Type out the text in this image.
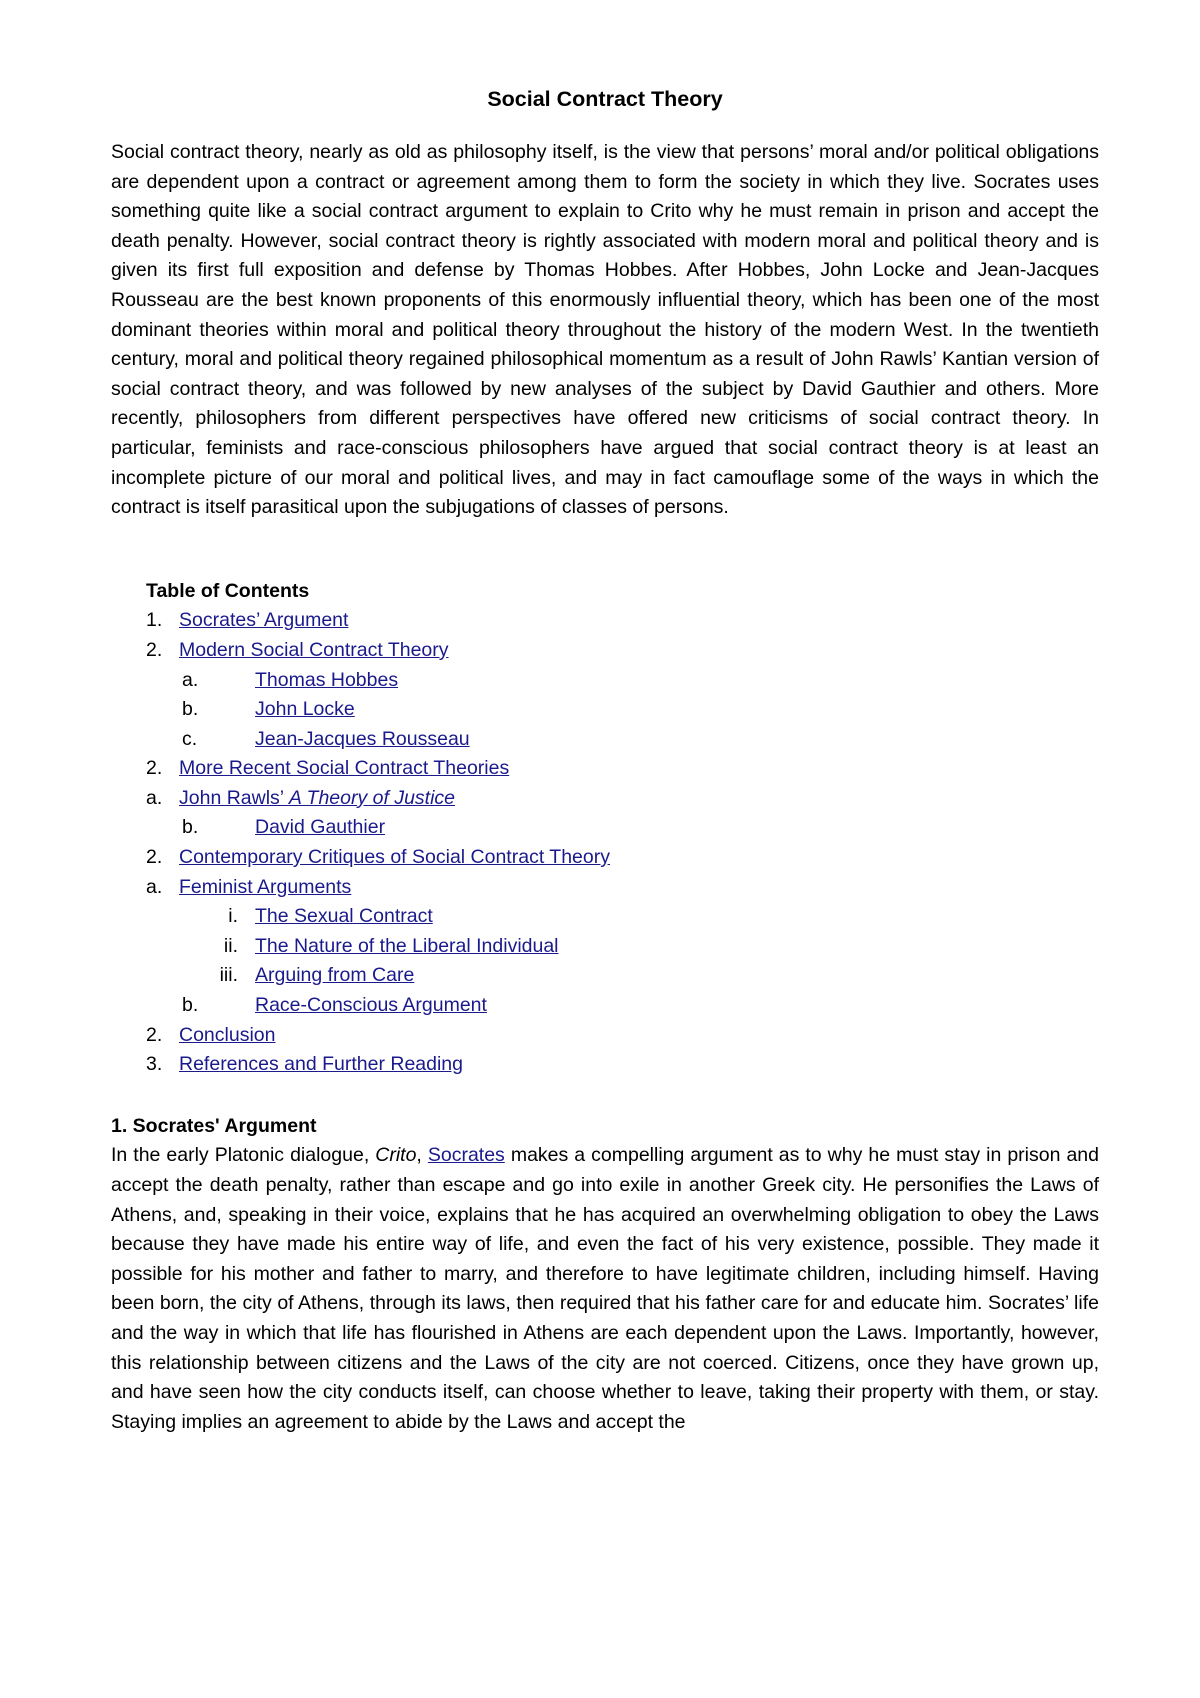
Social Contract Theory

Social contract theory, nearly as old as philosophy itself, is the view that persons’ moral and/or political obligations are dependent upon a contract or agreement among them to form the society in which they live. Socrates uses something quite like a social contract argument to explain to Crito why he must remain in prison and accept the death penalty. However, social contract theory is rightly associated with modern moral and political theory and is given its first full exposition and defense by Thomas Hobbes. After Hobbes, John Locke and Jean-Jacques Rousseau are the best known proponents of this enormously influential theory, which has been one of the most dominant theories within moral and political theory throughout the history of the modern West. In the twentieth century, moral and political theory regained philosophical momentum as a result of John Rawls’ Kantian version of social contract theory, and was followed by new analyses of the subject by David Gauthier and others. More recently, philosophers from different perspectives have offered new criticisms of social contract theory. In particular, feminists and race-conscious philosophers have argued that social contract theory is at least an incomplete picture of our moral and political lives, and may in fact camouflage some of the ways in which the contract is itself parasitical upon the subjugations of classes of persons.

Table of Contents

1. Socrates’ Argument
2. Modern Social Contract Theory
a.	Thomas Hobbes
b.	John Locke
c.	Jean-Jacques Rousseau
2. More Recent Social Contract Theories
a. John Rawls’ A Theory of Justice
b.	David Gauthier
2. Contemporary Critiques of Social Contract Theory
a. Feminist Arguments
i. The Sexual Contract
ii. The Nature of the Liberal Individual
iii. Arguing from Care
b.	Race-Conscious Argument
2. Conclusion
3. References and Further Reading

1. Socrates' Argument

In the early Platonic dialogue, Crito, Socrates makes a compelling argument as to why he must stay in prison and accept the death penalty, rather than escape and go into exile in another Greek city. He personifies the Laws of Athens, and, speaking in their voice, explains that he has acquired an overwhelming obligation to obey the Laws because they have made his entire way of life, and even the fact of his very existence, possible. They made it possible for his mother and father to marry, and therefore to have legitimate children, including himself. Having been born, the city of Athens, through its laws, then required that his father care for and educate him. Socrates’ life and the way in which that life has flourished in Athens are each dependent upon the Laws. Importantly, however, this relationship between citizens and the Laws of the city are not coerced. Citizens, once they have grown up, and have seen how the city conducts itself, can choose whether to leave, taking their property with them, or stay. Staying implies an agreement to abide by the Laws and accept the
